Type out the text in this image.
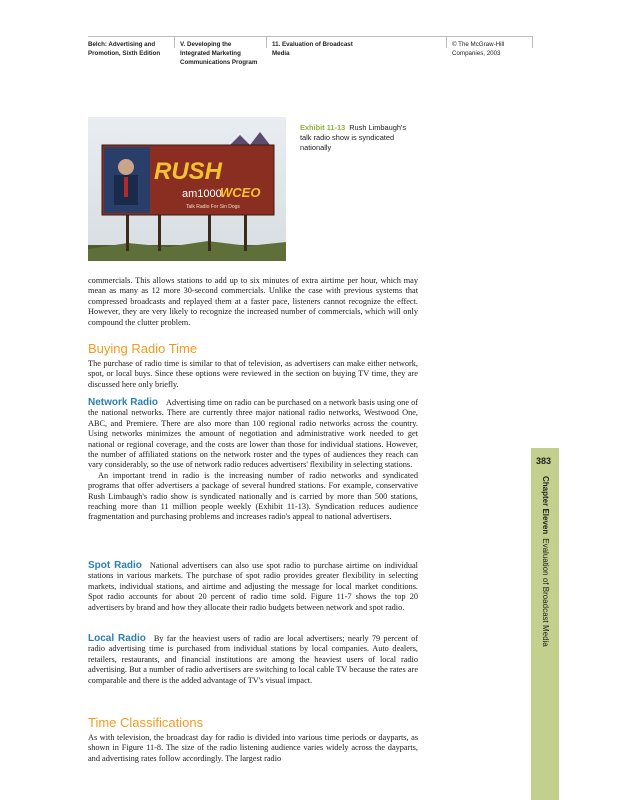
Belch: Advertising and
Promotion, Sixth Edition
V. Developing the
Integrated Marketing
Communications Program
11. Evaluation of Broadcast
Media
© The McGraw-Hill
Companies, 2003
RUSH
am1000
WCEO
Talk Radio For Sin Dogs
Exhibit 11-13 Rush Limbaugh's talk radio show is syndicated nationally

commercials. This allows stations to add up to six minutes of extra airtime per hour, which may mean as many as 12 more 30-second commercials. Unlike the case with previous systems that compressed broadcasts and replayed them at a faster pace, listeners cannot recognize the effect. However, they are very likely to recognize the increased number of commercials, which will only compound the clutter problem.

Buying Radio Time

The purchase of radio time is similar to that of television, as advertisers can make either network, spot, or local buys. Since these options were reviewed in the section on buying TV time, they are discussed here only briefly.

Network Radio Advertising time on radio can be purchased on a network basis using one of the national networks. There are currently three major national radio networks, Westwood One, ABC, and Premiere. There are also more than 100 regional radio networks across the country. Using networks minimizes the amount of negotiation and administrative work needed to get national or regional coverage, and the costs are lower than those for individual stations. However, the number of affiliated stations on the network roster and the types of audiences they reach can vary considerably, so the use of network radio reduces advertisers' flexibility in selecting stations.

An important trend in radio is the increasing number of radio networks and syndicated programs that offer advertisers a package of several hundred stations. For example, conservative Rush Limbaugh's radio show is syndicated nationally and is carried by more than 500 stations, reaching more than 11 million people weekly (Exhibit 11-13). Syndication reduces audience fragmentation and purchasing problems and increases radio's appeal to national advertisers.

Spot Radio National advertisers can also use spot radio to purchase airtime on individual stations in various markets. The purchase of spot radio provides greater flexibility in selecting markets, individual stations, and airtime and adjusting the message for local market conditions. Spot radio accounts for about 20 percent of radio time sold. Figure 11-7 shows the top 20 advertisers by brand and how they allocate their radio budgets between network and spot radio.

Local Radio By far the heaviest users of radio are local advertisers; nearly 79 percent of radio advertising time is purchased from individual stations by local companies. Auto dealers, retailers, restaurants, and financial institutions are among the heaviest users of local radio advertising. But a number of radio advertisers are switching to local cable TV because the rates are comparable and there is the added advantage of TV's visual impact.

Time Classifications

As with television, the broadcast day for radio is divided into various time periods or dayparts, as shown in Figure 11-8. The size of the radio listening audience varies widely across the dayparts, and advertising rates follow accordingly. The largest radio

383
Chapter ElevenEvaluation of Broadcast Media
